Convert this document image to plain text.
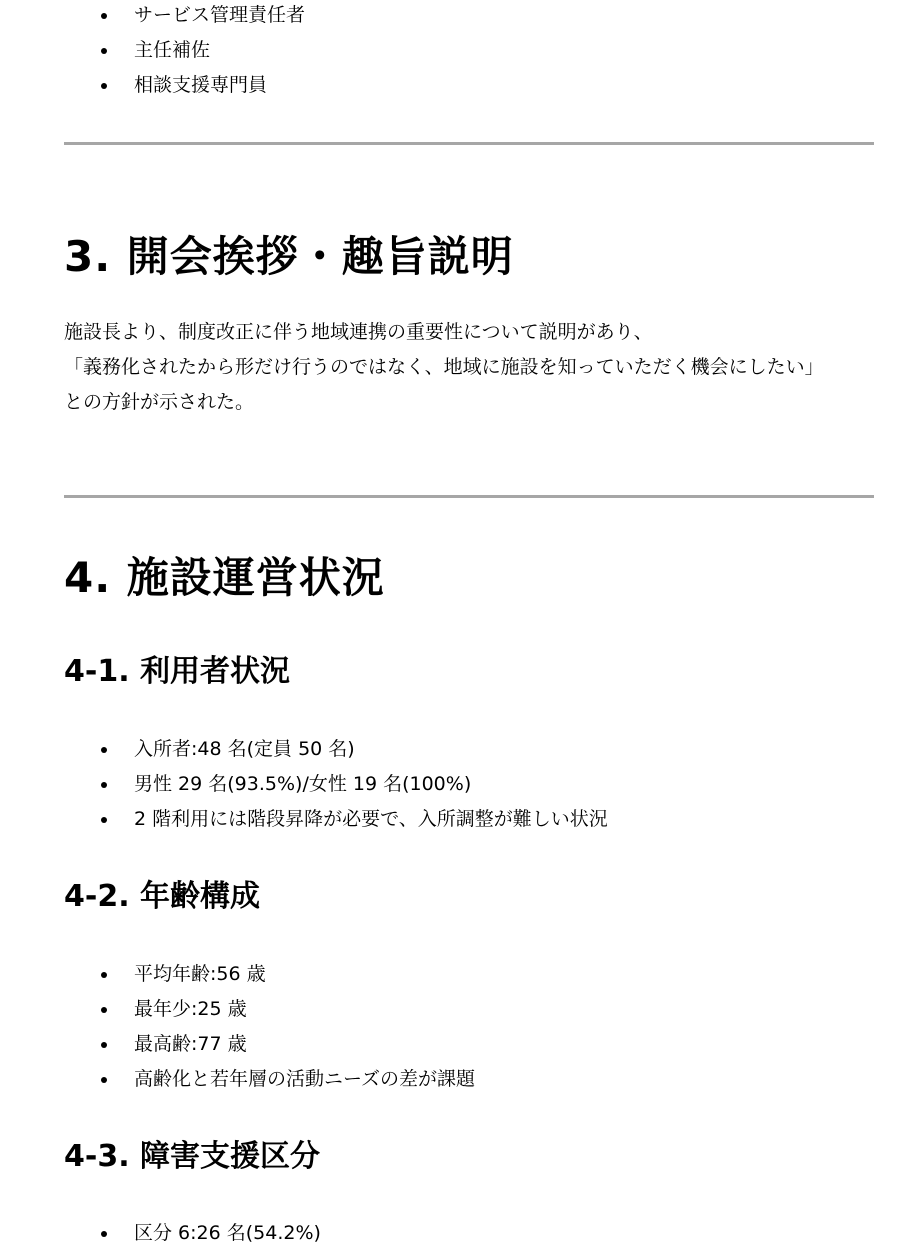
サービス管理責任者
主任補佐
相談支援専門員
3. 開会挨拶・趣旨説明

施設長より、制度改正に伴う地域連携の重要性について説明があり、

「義務化されたから形だけ行うのではなく、地域に施設を知っていただく機会にしたい」

との方針が示された。

4. 施設運営状況
4-1. 利用者状況
入所者:48 名(定員 50 名)
男性 29 名(93.5%)/女性 19 名(100%)
2 階利用には階段昇降が必要で、入所調整が難しい状況
4-2. 年齢構成
平均年齢:56 歳
最年少:25 歳
最高齢:77 歳
高齢化と若年層の活動ニーズの差が課題
4-3. 障害支援区分
区分 6:26 名(54.2%)
